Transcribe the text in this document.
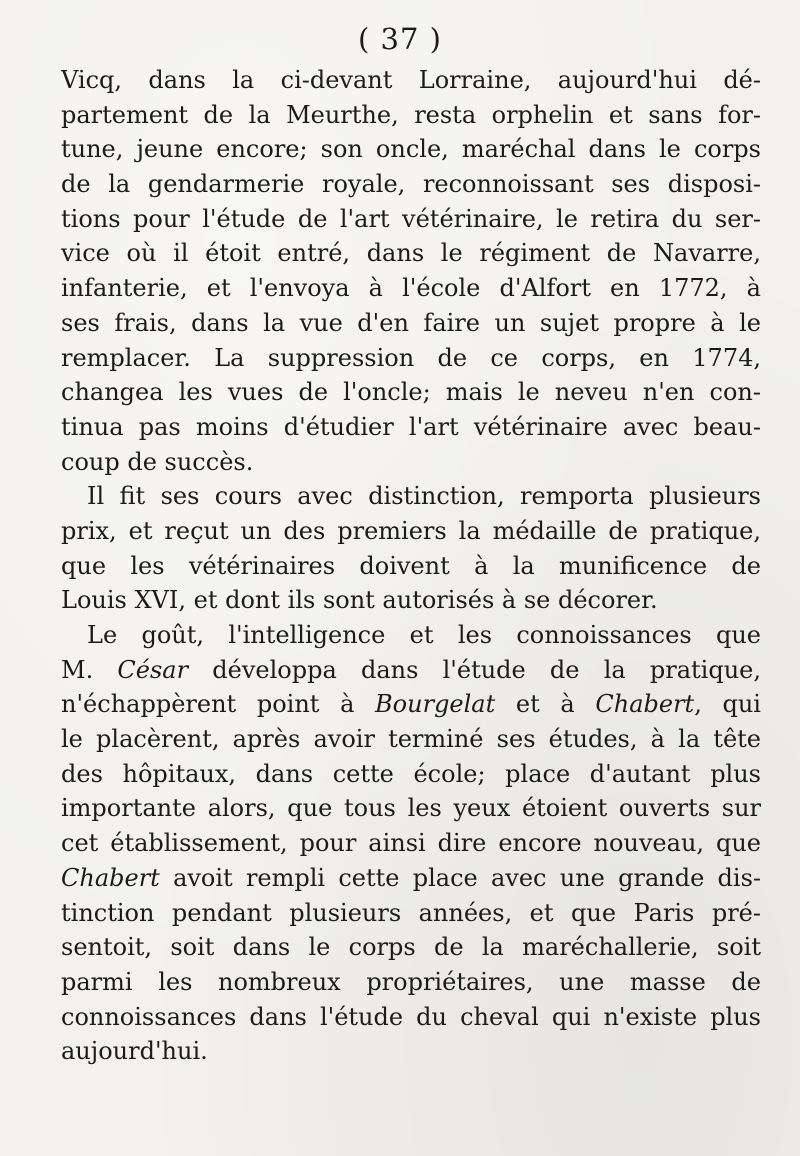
( 37 )
Vicq, dans la ci-devant Lorraine, aujourd'hui dé-
partement de la Meurthe, resta orphelin et sans for-
tune, jeune encore; son oncle, maréchal dans le corps
de la gendarmerie royale, reconnoissant ses disposi-
tions pour l'étude de l'art vétérinaire, le retira du ser-
vice où il étoit entré, dans le régiment de Navarre,
infanterie, et l'envoya à l'école d'Alfort en 1772, à
ses frais, dans la vue d'en faire un sujet propre à le
remplacer. La suppression de ce corps, en 1774,
changea les vues de l'oncle; mais le neveu n'en con-
tinua pas moins d'étudier l'art vétérinaire avec beau-
coup de succès.
Il fit ses cours avec distinction, remporta plusieurs
prix, et reçut un des premiers la médaille de pratique,
que les vétérinaires doivent à la munificence de
Louis XVI, et dont ils sont autorisés à se décorer.
Le goût, l'intelligence et les connoissances que
M. César développa dans l'étude de la pratique,
n'échappèrent point à Bourgelat et à Chabert, qui
le placèrent, après avoir terminé ses études, à la tête
des hôpitaux, dans cette école; place d'autant plus
importante alors, que tous les yeux étoient ouverts sur
cet établissement, pour ainsi dire encore nouveau, que
Chabert avoit rempli cette place avec une grande dis-
tinction pendant plusieurs années, et que Paris pré-
sentoit, soit dans le corps de la maréchallerie, soit
parmi les nombreux propriétaires, une masse de
connoissances dans l'étude du cheval qui n'existe plus
aujourd'hui.
